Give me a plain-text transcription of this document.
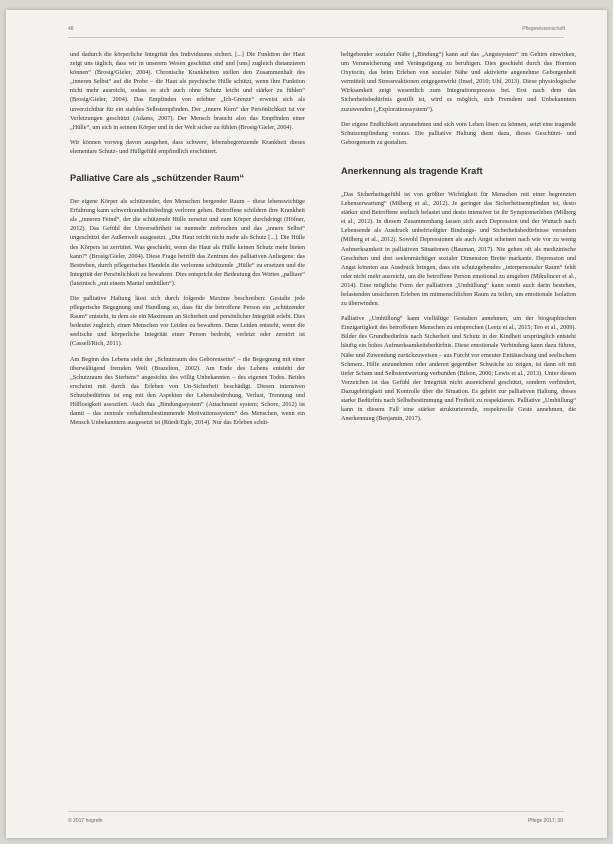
48	Pflegewissenschaft

und dadurch die körperliche Integrität des Individuums sichert. [...] Die Funktion der Haut zeigt uns täglich, dass wir in unserem Wesen geschützt sind und [uns] zugleich distanzieren können“ (Brosig/Gieler, 2004). Chronische Krankheiten stellen den Zusammenhalt des „inneren Selbst“ auf die Probe – die Haut als psychische Hülle schützt, wenn ihre Funktion nicht mehr ausreicht, sodass es sich auch ohne Schutz leicht und stärker zu fühlen“ (Brosig/Gieler, 2004). Das Empfinden von erlebter „Ich-Grenze“ erweist sich als unverzichtbar für ein stabiles Selbstempfinden. Der „innere Kern“ der Persönlichkeit ist vor Verletzungen geschützt (Adams, 2007). Der Mensch braucht also das Empfinden einer „Hülle“, um sich in seinem Körper und in der Welt sicher zu fühlen (Brosig/Gieler, 2004).

Wir können vorweg davon ausgehen, dass schwere, lebensbegrenzende Krankheit dieses elementare Schutz- und Hüllgefühl empfindlich erschüttert.

Palliative Care als „schützender Raum“

Der eigene Körper als schützender, den Menschen bergender Raum – diese lebenswichtige Erfahrung kann schwerkrankheitsbedingt verloren gehen. Betroffene schildern ihre Krankheit als „inneren Feind“, der die schützende Hülle zersetzt und zum Körper durchdringt (Höfner, 2012). Das Gefühl der Unversehrtheit ist nunmehr zerbrochen und das „innere Selbst“ ungeschützt der Außenwelt ausgesetzt. „Die Haut reicht nicht mehr als Schutz [...]. Die Hülle des Körpers ist zerrüttet. Was geschieht, wenn die Haut als Hülle keinen Schutz mehr bieten kann?“ (Brosig/Gieler, 2004). Diese Frage betrifft das Zentrum des palliativen Anliegens: das Bestreben, durch pflegerisches Handeln die verlorene schützende „Hülle“ zu ersetzen und die Integrität der Persönlichkeit zu bewahren. Dies entspricht der Bedeutung des Wortes „palliare“ (lateinisch „mit einem Mantel umhüllen“).

Die palliative Haltung lässt sich durch folgende Maxime beschreiben: Gestalte jede pflegerische Begegnung und Handlung so, dass für die betroffene Person ein „schützender Raum“ entsteht, in dem sie ein Maximum an Sicherheit und persönlicher Integrität erlebt. Dies bedeutet zugleich, einen Menschen vor Leiden zu bewahren. Denn Leiden entsteht, wenn die seelische und körperliche Integrität einer Person bedroht, verletzt oder zerstört ist (Cassell/Rich, 2011).

Am Beginn des Lebens steht der „Schutzraum des Geborenseins“ – die Begegnung mit einer überwältigend fremden Welt (Brazelton, 2002). Am Ende des Lebens entsteht der „Schutzraum des Sterbens“ angesichts des völlig Unbekannten – des eigenen Todes. Beides erscheint mit durch das Erleben von Un-Sicherheit beschädigt. Diesen intensiven Schutzbedürfnis ist eng mit den Aspekten der Lebensbedrohung, Verlust, Trennung und Hilflosigkeit assoziiert. Auch das „Bindungssystem“ (Attachment system; Schore, 2012) ist damit – das zentrale verhaltensbestimmende Motivationssystem“ des Menschen, wenn ein Mensch Unbekanntem ausgesetzt ist (Rüedi/Egle, 2014). Nur das Erleben schüt-

heltgebender sozialer Nähe („Bindung“) kann auf das „Angstsystem“ im Gehirn einwirken, um Verunsicherung und Verängstigung zu beruhigen. Dies geschieht durch das Hormon Oxytocin, das beim Erleben von sozialer Nähe und aktivierte angenehme Geborgenheit vermittelt und Stressreaktionen entgegenwirkt (Insel, 2010; Uhl, 2013). Diese physiologische Wirksamkeit zeigt wesentlich zum Integrationsprozess bei. Erst nach dem das Sicherheitsbedürfnis gestillt ist, wird es möglich, sich Fremdem und Unbekanntem zuzuwenden („Explorationssystem“).

Der eigene Endlichkeit anzunehmen und sich vom Leben lösen zu können, setzt eine tragende Schutzempfindung voraus. Die palliative Haltung dient dazu, dieses Geschützt- und Geborgensein zu gestalten.

Anerkennung als tragende Kraft

„Das Sicherheitsgefühl ist von größter Wichtigkeit für Menschen mit einer begrenzten Lebenserwartung“ (Milberg et al., 2012). Je geringer das Sicherheitsempfinden ist, desto stärker sind Betroffene seelisch belastet und desto intensiver ist ihr Symptomerleben (Milberg et al., 2012). In diesem Zusammenhang lassen sich auch Depression und der Wunsch nach Lebensende als Ausdruck unbefriedigter Bindungs- und Sicherheitsbedürfnisse verstehen (Milberg et al., 2012). Sowohl Depressionen als auch Angst scheinen nach wie vor zu wenig Aufmerksamkeit in palliativen Situationen (Bauman, 2017). Nie gehen oft als medizinische Geschehen und drei seelenmächtiger sozialer Dimension Breite markante. Depression und Angst könnten aus Ausdruck bringen, dass ein schutzgebendes „interpersonaler Raum“ fehlt oder nicht mehr ausreicht, um die betroffene Person emotional zu umgeben (Mikulincer et al., 2014). Eine mögliche Form der palliativen „Umhüllung“ kann somit auch darin bestehen, belastenden unsicheren Erleben im mitmenschlichen Raum zu teilen, um emotionale Isolation zu überwinden.

Palliative „Umhüllung“ kann vielfältige Gestalten annehmen, um der biographischen Einzigartigkeit des betroffenen Menschen zu entsprechen (Leetz et al., 2015; Teo et al., 2009). Bilder des Grundbedürfnis nach Sicherheit und Schutz in der Kindheit ursprünglich entsteht häufig ein hohes Aufmerksamkeitsbedürfnis. Diese emotionale Verbindung kann dazu führen, Nähe und Zuwendung zurückzuweisen – aus Furcht vor erneuter Enttäuschung und seelischem Schmerz. Hilfe anzunehmen oder anderen gegenüber Schwäche zu zeigen, ist dann oft mit tiefer Scham und Selbstentwertung verbunden (Bilson, 2006; Lewis et al., 2013). Unter diesen Vorzeichen ist das Gefühl der Integrität nicht ausreichend geschützt, sondern verhindert, Dazugehörigkeit und Kontrolle über die Situation. Es gehört zur palliativen Haltung, dieses starke Bedürfnis nach Selbstbestimmung und Freiheit zu respektieren. Palliative „Umhüllung“ kann in diesem Fall eine stärker strukturierende, respektvolle Geste annehmen, die Anerkennung (Benjamin, 2017).

© 2017 hogrefe	Pflege 2017; 30
